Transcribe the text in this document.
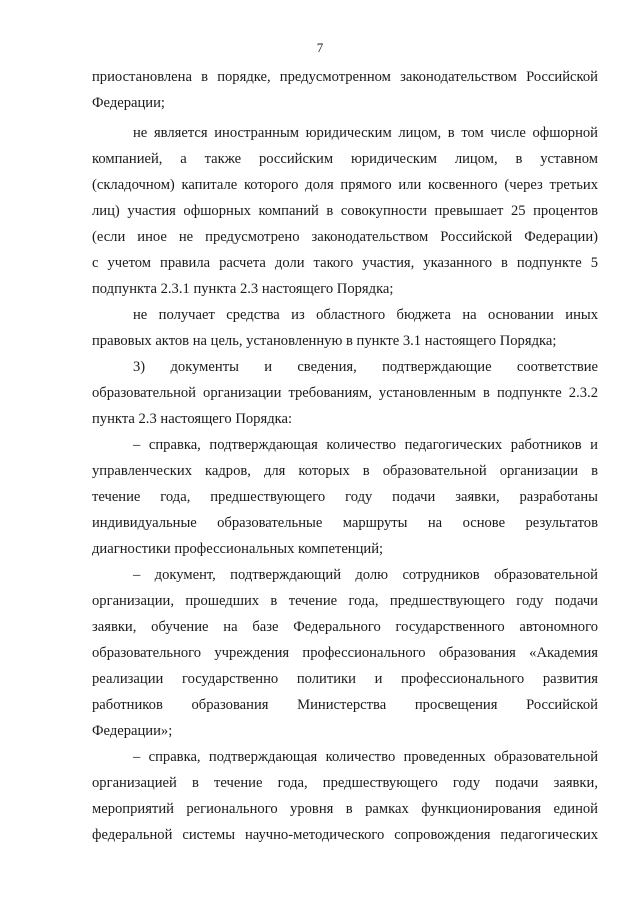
7
приостановлена в порядке, предусмотренном законодательством Российской
Федерации;
не является иностранным юридическим лицом, в том числе офшорной
компанией, а также российским юридическим лицом, в уставном
(складочном) капитале которого доля прямого или косвенного (через третьих
лиц) участия офшорных компаний в совокупности превышает 25 процентов
(если иное не предусмотрено законодательством Российской Федерации)
с учетом правила расчета доли такого участия, указанного в подпункте 5
подпункта 2.3.1 пункта 2.3 настоящего Порядка;
не получает средства из областного бюджета на основании иных
правовых актов на цель, установленную в пункте 3.1 настоящего Порядка;
3) документы и сведения, подтверждающие соответствие
образовательной организации требованиям, установленным в подпункте 2.3.2
пункта 2.3 настоящего Порядка:
– справка, подтверждающая количество педагогических работников и
управленческих кадров, для которых в образовательной организации в
течение года, предшествующего году подачи заявки, разработаны
индивидуальные образовательные маршруты на основе результатов
диагностики профессиональных компетенций;
– документ, подтверждающий долю сотрудников образовательной
организации, прошедших в течение года, предшествующего году подачи
заявки, обучение на базе Федерального государственного автономного
образовательного учреждения профессионального образования «Академия
реализации государственно политики и профессионального развития
работников образования Министерства просвещения Российской
Федерации»;
– справка, подтверждающая количество проведенных образовательной
организацией в течение года, предшествующего году подачи заявки,
мероприятий регионального уровня в рамках функционирования единой
федеральной системы научно-методического сопровождения педагогических
